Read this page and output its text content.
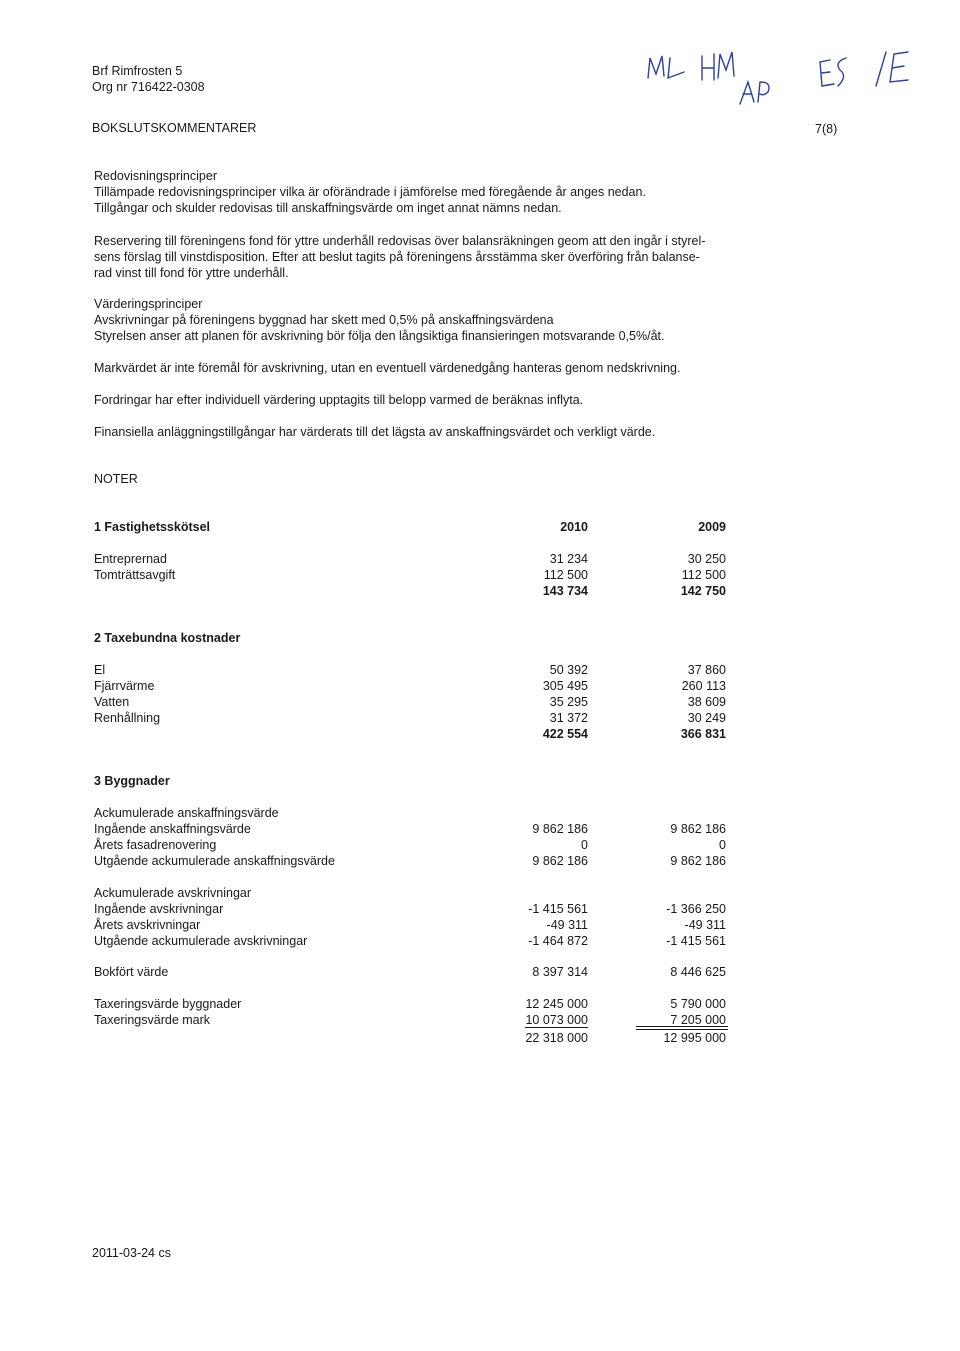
Brf Rimfrosten 5
Org nr 716422-0308
BOKSLUTSKOMMENTARER	7(8)
Redovisningsprinciper
Tillämpade redovisningsprinciper vilka är oförändrade i jämförelse med föregående år anges nedan.
Tillgångar och skulder redovisas till anskaffningsvärde om inget annat nämns nedan.
Reservering till föreningens fond för yttre underhåll redovisas över balansräkningen geom att den ingår i styrel-
sens förslag till vinstdisposition. Efter att beslut tagits på föreningens årsstämma sker överföring från balanse-
rad vinst till fond för yttre underhåll.
Värderingsprinciper
Avskrivningar på föreningens byggnad har skett med 0,5% på anskaffningsvärdena
Styrelsen anser att planen för avskrivning bör följa den långsiktiga finansieringen motsvarande 0,5%/åt.
Markvärdet är inte föremål för avskrivning, utan en eventuell värdenedgång hanteras genom nedskrivning.
Fordringar har efter individuell värdering upptagits till belopp varmed de beräknas inflyta.
Finansiella anläggningstillgångar har värderats till det lägsta av anskaffningsvärdet och verkligt värde.
NOTER
1 Fastighetsskötsel	2010	2009
Entreprernad	31 234	30 250
Tomträttsavgift	112 500	112 500
143 734	142 750
2 Taxebundna kostnader
El	50 392	37 860
Fjärrvärme	305 495	260 113
Vatten	35 295	38 609
Renhållning	31 372	30 249
422 554	366 831
3 Byggnader
Ackumulerade anskaffningsvärde
Ingående anskaffningsvärde	9 862 186	9 862 186
Årets fasadrenovering	0	0
Utgående ackumulerade anskaffningsvärde	9 862 186	9 862 186
Ackumulerade avskrivningar
Ingående avskrivningar	-1 415 561	-1 366 250
Årets avskrivningar	-49 311	-49 311
Utgående ackumulerade avskrivningar	-1 464 872	-1 415 561
Bokfört värde	8 397 314	8 446 625
Taxeringsvärde byggnader	12 245 000	5 790 000
Taxeringsvärde mark	10 073 000	7 205 000
22 318 000	12 995 000
2011-03-24 cs
